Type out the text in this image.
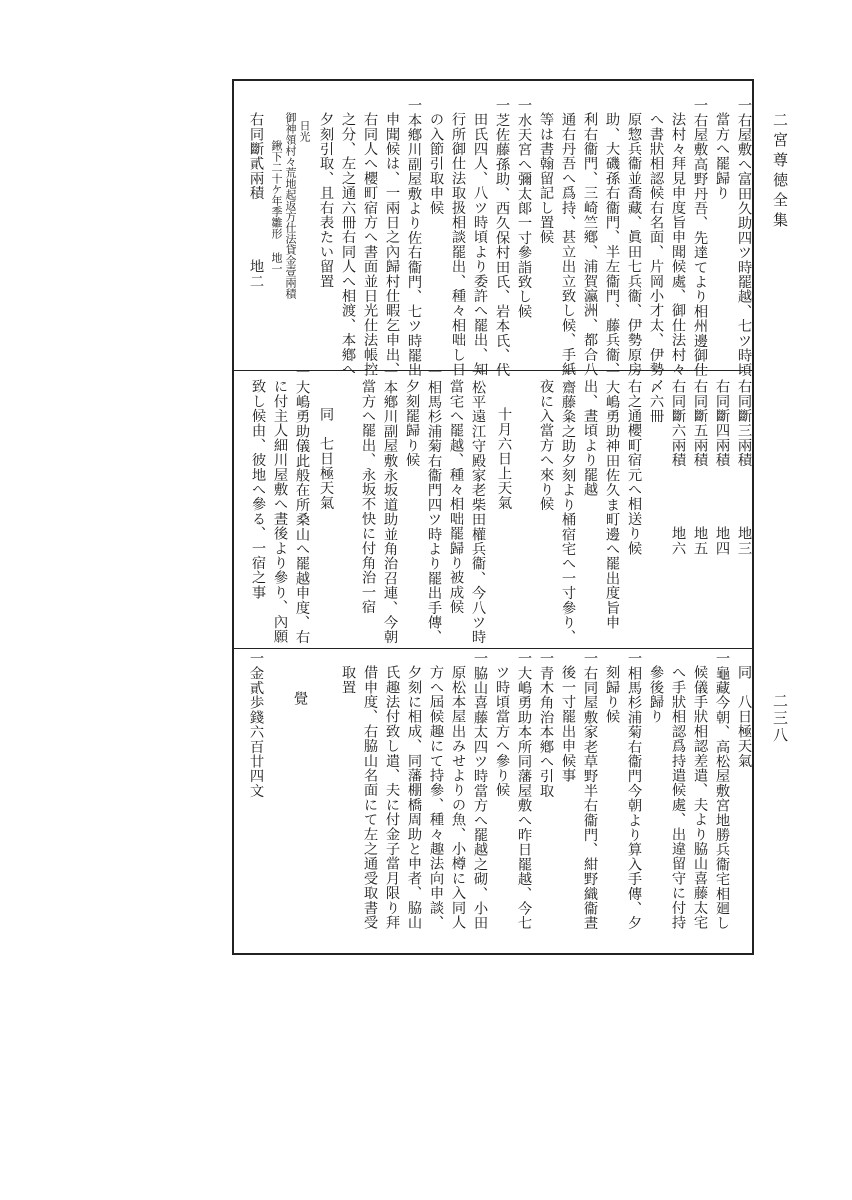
二宮尊徳全集
二三八
一右屋敷へ富田久助四ツ時罷越、七ツ時頃
當方へ罷歸り
一右屋敷高野丹吾、先達てより相州邊御仕
法村々拜見申度旨申聞候處、御仕法村々
へ書狀相認候右名面、片岡小才太、伊勢
原惣兵衞並喬藏、眞田七兵衞、伊勢原房
助、大磯孫右衞門、半左衞門、藤兵衞、
利右衞門、三崎竺鄕、浦賀瀛洲、都合八
通右丹吾へ爲持、甚立出立致し候、手紙
等は書翰留記し置候
一水天宮へ彌太郞一寸參詣致し候
一芝佐藤孫助、西久保村田氏、岩本氏、代
田氏四人、八ツ時頃より委許へ罷出、知
行所御仕法取扱相談罷出、種々相咄し日
の入節引取申候
一本鄕川副屋敷より佐右衞門、七ツ時罷出
申聞候は、一兩日之內歸村仕暇乞申出、
右同人へ櫻町宿方へ書面並日光仕法帳控
之分、左之通六冊右同人へ相渡、本鄕へ
夕刻引取、且右表たい留置
日光
御神領村々荒地起返方仕法貸金壹兩積
鍬下二十ケ年季雛形 地一
右同斷貳兩積　　　　地二
右同斷三兩積　　　　地三
右同斷四兩積　　　　地四
右同斷五兩積　　　　地五
右同斷六兩積　　　　地六
〆六冊
右之通櫻町宿元へ相送り候
一大嶋勇助神田佐久ま町邊へ罷出度旨申
出、晝頃より罷越
一齋藤粂之助夕刻より桶宿宅へ一寸參り、
夜に入當方へ來り候
十月六日上天氣
一松平遠江守殿家老柴田權兵衞、今八ツ時
當宅へ罷越、種々相咄罷歸り被成候
一相馬杉浦菊右衞門四ツ時より罷出手傳、
夕刻罷歸り候
一本鄕川副屋敷永坂道助並角治召連、今朝
當方へ罷出、永坂不快に付角治一宿
同　七日極天氣
一大嶋勇助儀此般在所桑山へ罷越申度、右
に付主人細川屋敷へ晝後より參り、內願
致し候由、彼地へ參る、一宿之事
同　八日極天氣
一龜藏今朝、高松屋敷宮地勝兵衞宅相廻し
候儀手狀相認差遣、夫より脇山喜藤太宅
へ手狀相認爲持遣候處、出違留守に付持
參後歸り
一相馬杉浦菊右衞門今朝より算入手傳、夕
刻歸り候
一右同屋敷家老草野半右衞門、紺野織衞晝
後一寸罷出申候事
一青木角治本鄕へ引取
一大嶋勇助本所同藩屋敷へ昨日罷越、今七
ツ時頃當方へ參り候
一脇山喜藤太四ツ時當方へ罷越之砌、小田
原松本屋出みせよりの魚、小樽に入同人
方へ屆候趣にて持參、種々趣法向申談、
夕刻に相成、同藩棚橋周助と申者、脇山
氏趣法付致し遣、夫に付金子當月限り拜
借申度、右脇山名面にて左之通受取書受
取置
覺
一金貳歩錢六百廿四文
